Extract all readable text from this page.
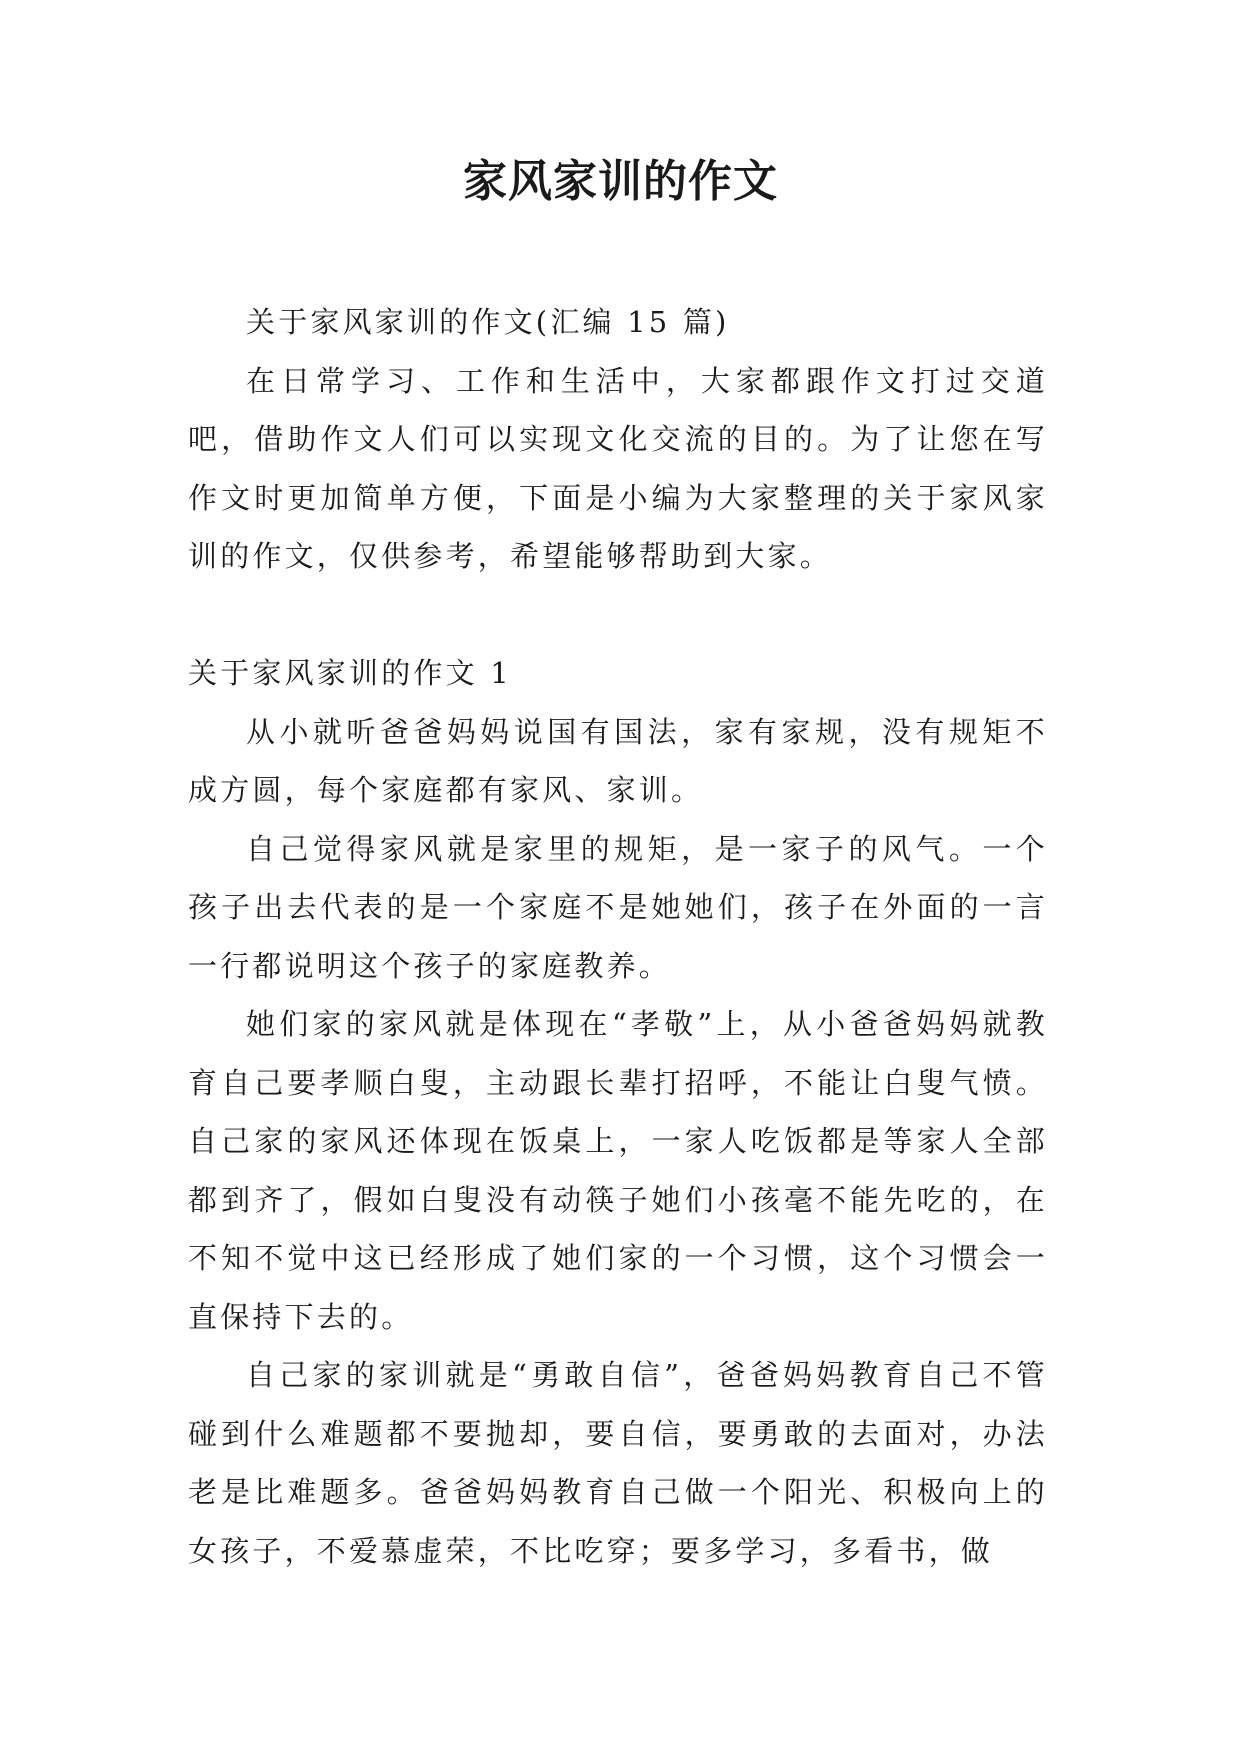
家风家训的作文

关于家风家训的作文(汇编 15 篇)

在日常学习、工作和生活中，大家都跟作文打过交道吧，借助作文人们可以实现文化交流的目的。为了让您在写作文时更加简单方便，下面是小编为大家整理的关于家风家训的作文，仅供参考，希望能够帮助到大家。

关于家风家训的作文 1

从小就听爸爸妈妈说国有国法，家有家规，没有规矩不成方圆，每个家庭都有家风、家训。

自己觉得家风就是家里的规矩，是一家子的风气。一个孩子出去代表的是一个家庭不是她她们，孩子在外面的一言一行都说明这个孩子的家庭教养。

她们家的家风就是体现在“孝敬”上，从小爸爸妈妈就教育自己要孝顺白叟，主动跟长辈打招呼，不能让白叟气愤。自己家的家风还体现在饭桌上，一家人吃饭都是等家人全部都到齐了，假如白叟没有动筷子她们小孩毫不能先吃的，在不知不觉中这已经形成了她们家的一个习惯，这个习惯会一直保持下去的。

自己家的家训就是“勇敢自信”，爸爸妈妈教育自己不管碰到什么难题都不要抛却，要自信，要勇敢的去面对，办法老是比难题多。爸爸妈妈教育自己做一个阳光、积极向上的女孩子，不爱慕虚荣，不比吃穿；要多学习，多看书，做
